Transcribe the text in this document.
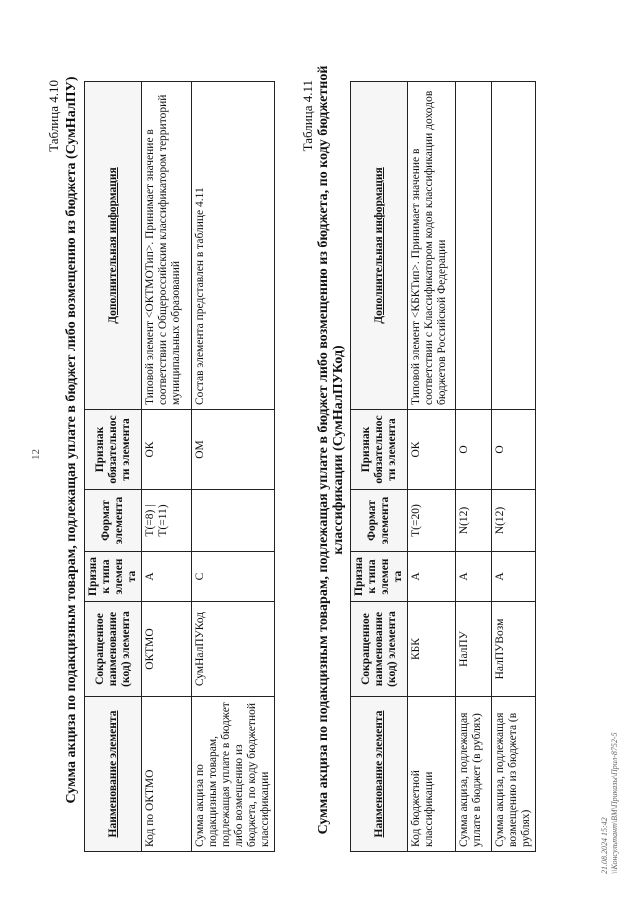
12
Таблица 4.10 Сумма акциза по подакцизным товарам, подлежащая уплате в бюджет либо возмещению из бюджета (СумНалПУ) Наименование элемента	Сокращенное наименование (код) элемента	Признак типа элемента	Формат элемента	Признак обязательности элемента	Дополнительная информация
Код по ОКТМО	ОКТМО	А	T(=8) | T(=11)	ОК	Типовой элемент <ОКТМОТип>. Принимает значение в соответствии с Общероссийским классификатором территорий муниципальных образований
Сумма акциза по подакцизным товарам, подлежащая уплате в бюджет либо возмещению из бюджета, по коду бюджетной классификации	СумНалПУКод	С		ОМ	Состав элемента представлен в таблице 4.11
Таблица 4.11 Сумма акциза по подакцизным товарам, подлежащая уплате в бюджет либо возмещению из бюджета, по коду бюджетной классификации (СумНалПУКод)
Наименование элемента	Сокращенное наименование (код) элемента	Признак типа элемента	Формат элемента	Признак обязательности элемента	Дополнительная информация
Код бюджетной классификации	КБК	А	T(=20)	ОК	Типовой элемент <КБКТип>. Принимает значение в соответствии с Классификатором кодов классификации доходов бюджетов Российской Федерации
Сумма акциза, подлежащая уплате в бюджет (в рублях)	НалПУ	А	N(12)	О	
Сумма акциза, подлежащая возмещению из бюджета (в рублях)	НалПУВозм	А	N(12)	О	
21.08.2024 15:42 \\Консультант\ВМ\Приказы\Прил-8752-5
